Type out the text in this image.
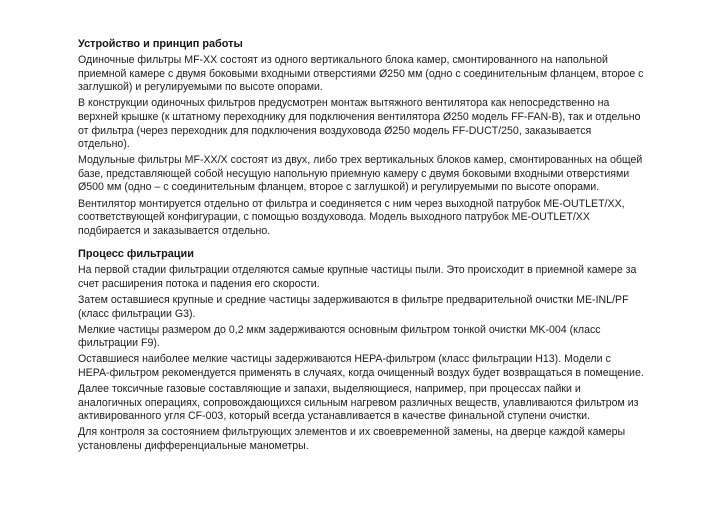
Устройство и принцип работы

Одиночные фильтры MF-XX состоят из одного вертикального блока камер, смонтированного на напольной приемной камере с двумя боковыми входными отверстиями Ø250 мм (одно с соединительным фланцем, второе с заглушкой) и регулируемыми по высоте опорами.

В конструкции одиночных фильтров предусмотрен монтаж вытяжного вентилятора как непосредственно на верхней крышке (к штатному переходнику для подключения вентилятора Ø250 модель FF-FAN-B), так и отдельно от фильтра (через переходник для подключения воздуховода Ø250 модель FF-DUCT/250, заказывается отдельно).

Модульные фильтры MF-XX/X состоят из двух, либо трех вертикальных блоков камер, смонтированных на общей базе, представляющей собой несущую напольную приемную камеру с двумя боковыми входными отверстиями Ø500 мм (одно – с соединительным фланцем, второе с заглушкой) и регулируемыми по высоте опорами.

Вентилятор монтируется отдельно от фильтра и соединяется с ним через выходной патрубок ME-OUTLET/XX, соответствующей конфигурации, с помощью воздуховода. Модель выходного патрубок ME-OUTLET/XX подбирается и заказывается отдельно.

Процесс фильтрации

На первой стадии фильтрации отделяются самые крупные частицы пыли. Это происходит в приемной камере за счет расширения потока и падения его скорости.

Затем оставшиеся крупные и средние частицы задерживаются в фильтре предварительной очистки ME-INL/PF (класс фильтрации G3).

Мелкие частицы размером до 0,2 мкм задерживаются основным фильтром тонкой очистки MK-004 (класс фильтрации F9).

Оставшиеся наиболее мелкие частицы задерживаются HEPA-фильтром (класс фильтрации H13). Модели с HEPA-фильтром рекомендуется применять в случаях, когда очищенный воздух будет возвращаться в помещение.

Далее токсичные газовые составляющие и запахи, выделяющиеся, например, при процессах пайки и аналогичных операциях, сопровождающихся сильным нагревом различных веществ, улавливаются фильтром из активированного угля CF-003, который всегда устанавливается в качестве финальной ступени очистки.

Для контроля за состоянием фильтрующих элементов и их своевременной замены, на дверце каждой камеры установлены дифференциальные манометры.
